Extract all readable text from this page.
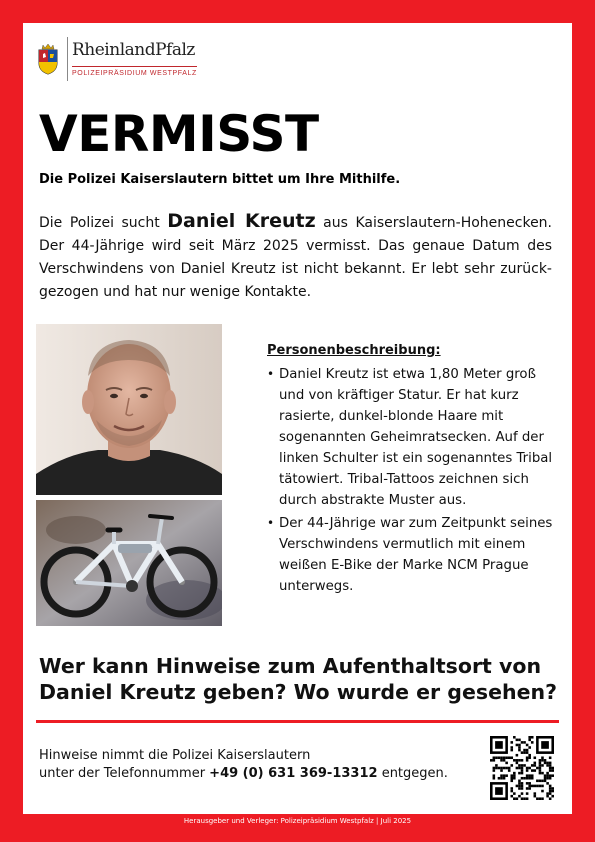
RheinlandPfalz
POLIZEIPRÄSIDIUM WESTPFALZ
VERMISST
Die Polizei Kaiserslautern bittet um Ihre Mithilfe.

Die Polizei sucht Daniel Kreutz aus Kaiserslautern-Hohenecken. Der 44-Jährige wird seit März 2025 vermisst. Das genaue Datum des Verschwindens von Daniel Kreutz ist nicht bekannt. Er lebt sehr zurück-gezogen und hat nur wenige Kontakte.

Personenbeschreibung:
• Daniel Kreutz ist etwa 1,80 Meter groß und von kräftiger Statur. Er hat kurz rasierte, dunkel-blonde Haare mit sogenannten Geheimratsecken. Auf der linken Schulter ist ein sogenanntes Tribal tätowiert. Tribal-Tattoos zeichnen sich durch abstrakte Muster aus.
• Der 44-Jährige war zum Zeitpunkt seines Verschwindens vermutlich mit einem weißen E-Bike der Marke NCM Prague unterwegs.
Wer kann Hinweise zum Aufenthaltsort von Daniel Kreutz geben? Wo wurde er gesehen?
Hinweise nimmt die Polizei Kaiserslautern
unter der Telefonnummer +49 (0) 631 369-13312 entgegen.
Herausgeber und Verleger: Polizeipräsidium Westpfalz | Juli 2025
